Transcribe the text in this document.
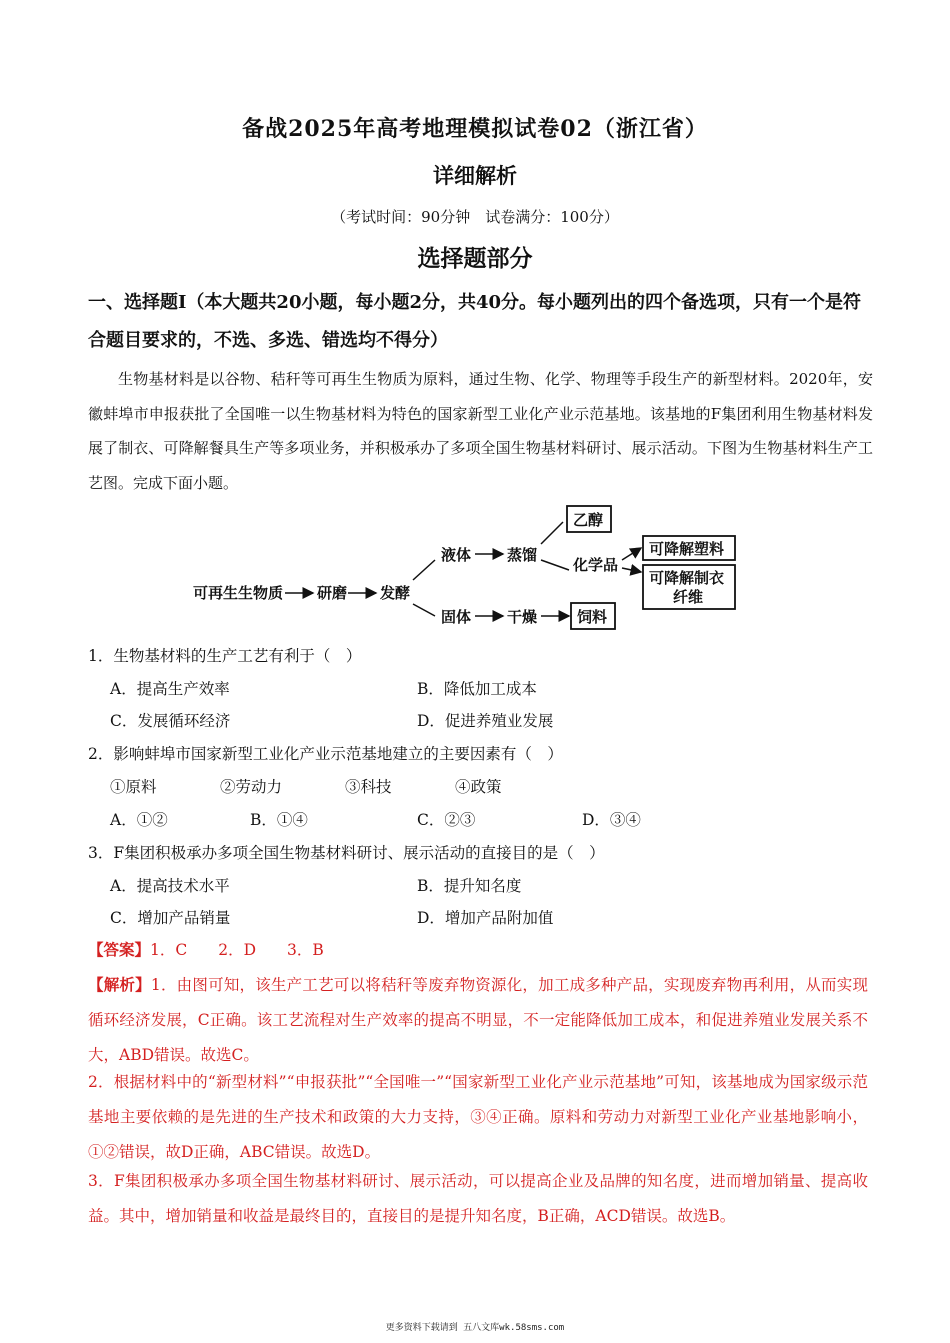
备战2025年高考地理模拟试卷02（浙江省）
详细解析
（考试时间：90分钟　试卷满分：100分）
选择题部分
一、选择题Ⅰ（本大题共20小题，每小题2分，共40分。每小题列出的四个备选项，只有一个是符合题目要求的，不选、多选、错选均不得分）
生物基材料是以谷物、秸秆等可再生生物质为原料，通过生物、化学、物理等手段生产的新型材料。2020年，安徽蚌埠市申报获批了全国唯一以生物基材料为特色的国家新型工业化产业示范基地。该基地的F集团利用生物基材料发展了制衣、可降解餐具生产等多项业务，并积极承办了多项全国生物基材料研讨、展示活动。下图为生物基材料生产工艺图。完成下面小题。
可再生生物质 研磨 发酵
液体
固体
蒸馏
干燥
乙醇
化学品
可降解塑料
可降解制衣
纤维
饲料
1．生物基材料的生产工艺有利于（　）
A．提高生产效率	B．降低加工成本
C．发展循环经济	D．促进养殖业发展
2．影响蚌埠市国家新型工业化产业示范基地建立的主要因素有（　）
①原料	②劳动力	③科技	④政策
A．①②	B．①④	C．②③	D．③④
3．F集团积极承办多项全国生物基材料研讨、展示活动的直接目的是（　）
A．提高技术水平	B．提升知名度
C．增加产品销量	D．增加产品附加值
【答案】1．C　　2．D　　3．B
【解析】1．由图可知，该生产工艺可以将秸秆等废弃物资源化，加工成多种产品，实现废弃物再利用，从而实现循环经济发展，C正确。该工艺流程对生产效率的提高不明显，不一定能降低加工成本，和促进养殖业发展关系不大，ABD错误。故选C。
2．根据材料中的“新型材料”“申报获批”“全国唯一”“国家新型工业化产业示范基地”可知，该基地成为国家级示范基地主要依赖的是先进的生产技术和政策的大力支持，③④正确。原料和劳动力对新型工业化产业基地影响小，①②错误，故D正确，ABC错误。故选D。
3．F集团积极承办多项全国生物基材料研讨、展示活动，可以提高企业及品牌的知名度，进而增加销量、提高收益。其中，增加销量和收益是最终目的，直接目的是提升知名度，B正确，ACD错误。故选B。
更多资料下载请到 五八文库wk.58sms.com
